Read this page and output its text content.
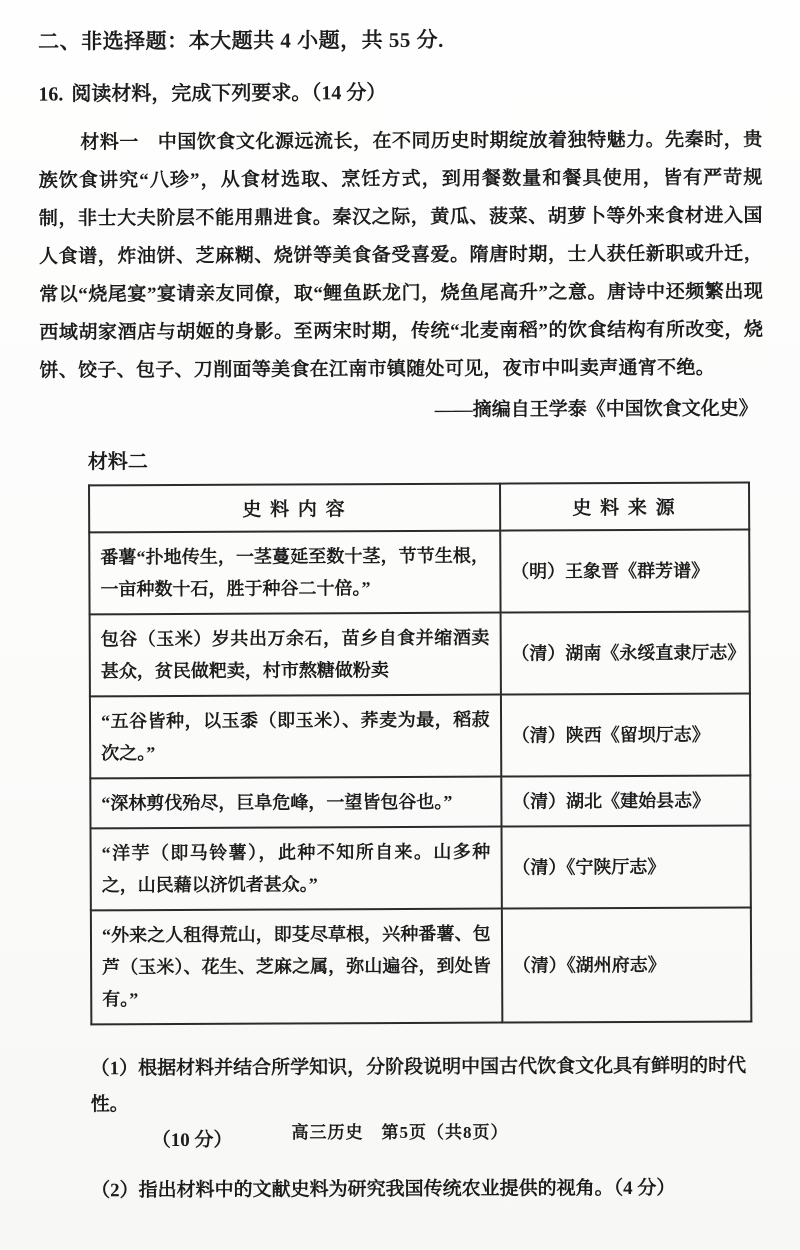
二、非选择题：本大题共 4 小题，共 55 分.
16. 阅读材料，完成下列要求。（14 分）

材料一 中国饮食文化源远流长，在不同历史时期绽放着独特魅力。先秦时，贵族饮食讲究“八珍”，从食材选取、烹饪方式，到用餐数量和餐具使用，皆有严苛规制，非士大夫阶层不能用鼎进食。秦汉之际，黄瓜、菠菜、胡萝卜等外来食材进入国人食谱，炸油饼、芝麻糊、烧饼等美食备受喜爱。隋唐时期，士人获任新职或升迁，常以“烧尾宴”宴请亲友同僚，取“鲤鱼跃龙门，烧鱼尾高升”之意。唐诗中还频繁出现西域胡家酒店与胡姬的身影。至两宋时期，传统“北麦南稻”的饮食结构有所改变，烧饼、饺子、包子、刀削面等美食在江南市镇随处可见，夜市中叫卖声通宵不绝。

——摘编自王学泰《中国饮食文化史》
材料二
史 料 内 容	史 料 来 源
番薯“扑地传生，一茎蔓延至数十茎，节节生根，一亩种数十石，胜于种谷二十倍。”	（明）王象晋《群芳谱》
包谷（玉米）岁共出万余石，苗乡自食并缩酒卖甚众，贫民做粑卖，村市熬糖做粉卖	（清）湖南《永绥直隶厅志》
“五谷皆种，以玉黍（即玉米）、荞麦为最，稻菽次之。”	（清）陕西《留坝厅志》
“深林剪伐殆尽，巨阜危峰，一望皆包谷也。”	（清）湖北《建始县志》
“洋芋（即马铃薯），此种不知所自来。山多种之，山民藉以济饥者甚众。”	（清）《宁陕厅志》
“外来之人租得荒山，即芟尽草根，兴种番薯、包芦（玉米）、花生、芝麻之属，弥山遍谷，到处皆有。”	（清）《湖州府志》
（1）根据材料并结合所学知识，分阶段说明中国古代饮食文化具有鲜明的时代性。
（10 分）
（2）指出材料中的文献史料为研究我国传统农业提供的视角。（4 分）
高三历史　第5页（共8页）
